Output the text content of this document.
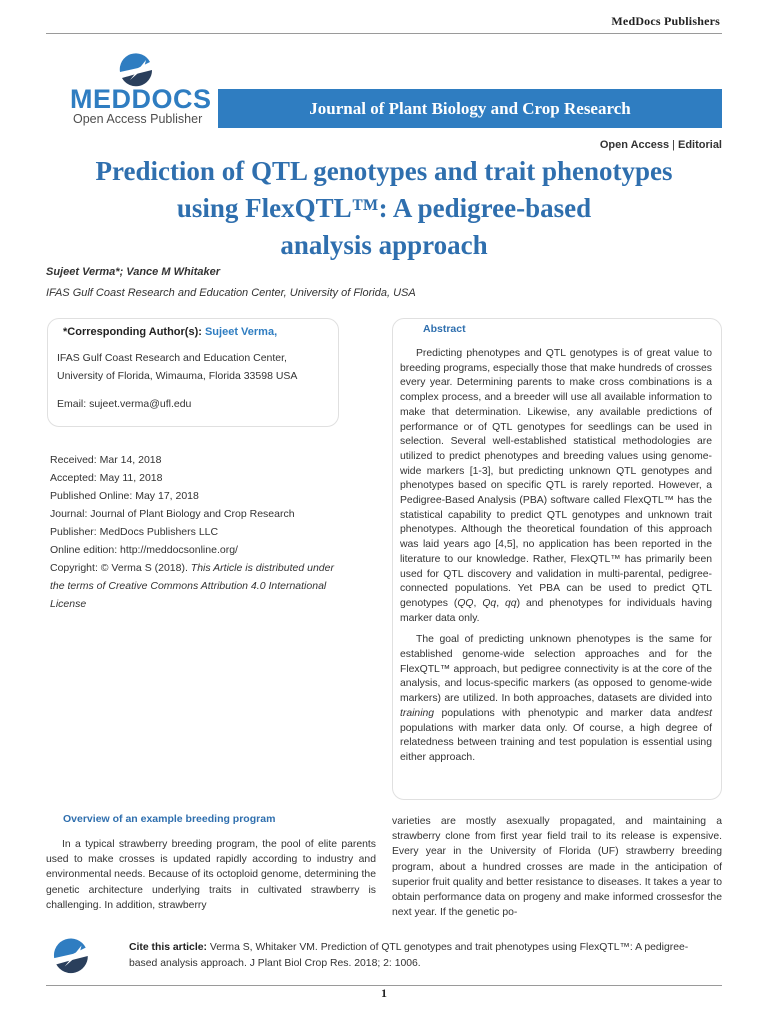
MedDocs Publishers
MEDDOCS
Open Access Publisher
Journal of Plant Biology and Crop Research
Open Access | Editorial
Prediction of QTL genotypes and trait phenotypes
using FlexQTL™: A pedigree-based
analysis approach
Sujeet Verma*; Vance M Whitaker
IFAS Gulf Coast Research and Education Center, University of Florida, USA
*Corresponding Author(s): Sujeet Verma,
IFAS Gulf Coast Research and Education Center, University of Florida, Wimauma, Florida 33598 USA
Email: sujeet.verma@ufl.edu
Received: Mar 14, 2018
Accepted: May 11, 2018
Published Online: May 17, 2018
Journal: Journal of Plant Biology and Crop Research
Publisher: MedDocs Publishers LLC
Online edition: http://meddocsonline.org/
Copyright: © Verma S (2018). This Article is distributed under the terms of Creative Commons Attribution 4.0 International License
Abstract

Predicting phenotypes and QTL genotypes is of great value to breeding programs, especially those that make hundreds of crosses every year. Determining parents to make cross combinations is a complex process, and a breeder will use all available information to make that determination. Likewise, any available predictions of performance or of QTL genotypes for seedlings can be used in selection. Several well-established statistical methodologies are utilized to predict phenotypes and breeding values using genome-wide markers [1-3], but predicting unknown QTL genotypes and phenotypes based on specific QTL is rarely reported. However, a Pedigree-Based Analysis (PBA) software called FlexQTL™ has the statistical capability to predict QTL genotypes and unknown trait phenotypes. Although the theoretical foundation of this approach was laid years ago [4,5], no application has been reported in the literature to our knowledge. Rather, FlexQTL™ has primarily been used for QTL discovery and validation in multi-parental, pedigree-connected populations. Yet PBA can be used to predict QTL genotypes (QQ, Qq, qq) and phenotypes for individuals having marker data only.

The goal of predicting unknown phenotypes is the same for established genome-wide selection approaches and for the FlexQTL™ approach, but pedigree connectivity is at the core of the analysis, and locus-specific markers (as opposed to genome-wide markers) are utilized. In both approaches, datasets are divided into training populations with phenotypic and marker data andtest populations with marker data only. Of course, a high degree of relatedness between training and test population is essential using either approach.

Overview of an example breeding program

In a typical strawberry breeding program, the pool of elite parents used to make crosses is updated rapidly according to industry and environmental needs. Because of its octoploid genome, determining the genetic architecture underlying traits in cultivated strawberry is challenging. In addition, strawberry

varieties are mostly asexually propagated, and maintaining a strawberry clone from first year field trail to its release is expensive. Every year in the University of Florida (UF) strawberry breeding program, about a hundred crosses are made in the anticipation of superior fruit quality and better resistance to diseases. It takes a year to obtain performance data on progeny and make informed crossesfor the next year. If the genetic po-

Cite this article: Verma S, Whitaker VM. Prediction of QTL genotypes and trait phenotypes using FlexQTL™: A pedigree-based analysis approach. J Plant Biol Crop Res. 2018; 2: 1006.
1
